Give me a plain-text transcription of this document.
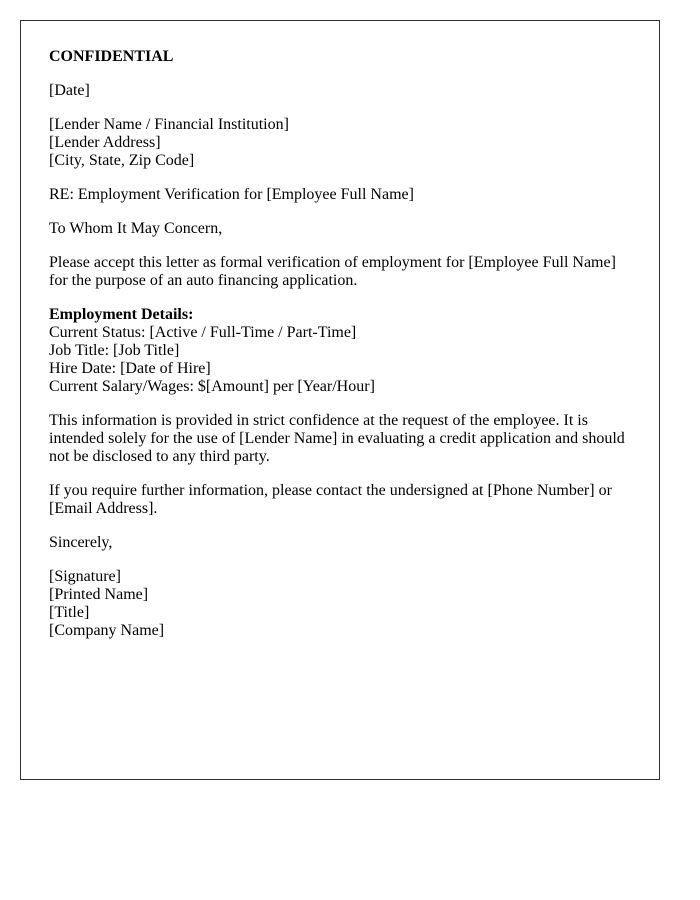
CONFIDENTIAL

[Date]

[Lender Name / Financial Institution]
[Lender Address]
[City, State, Zip Code]

RE: Employment Verification for [Employee Full Name]

To Whom It May Concern,

Please accept this letter as formal verification of employment for [Employee Full Name] for the purpose of an auto financing application.

Employment Details:
Current Status: [Active / Full-Time / Part-Time]
Job Title: [Job Title]
Hire Date: [Date of Hire]
Current Salary/Wages: $[Amount] per [Year/Hour]

This information is provided in strict confidence at the request of the employee. It is intended solely for the use of [Lender Name] in evaluating a credit application and should not be disclosed to any third party.

If you require further information, please contact the undersigned at [Phone Number] or [Email Address].

Sincerely,

[Signature]
[Printed Name]
[Title]
[Company Name]
